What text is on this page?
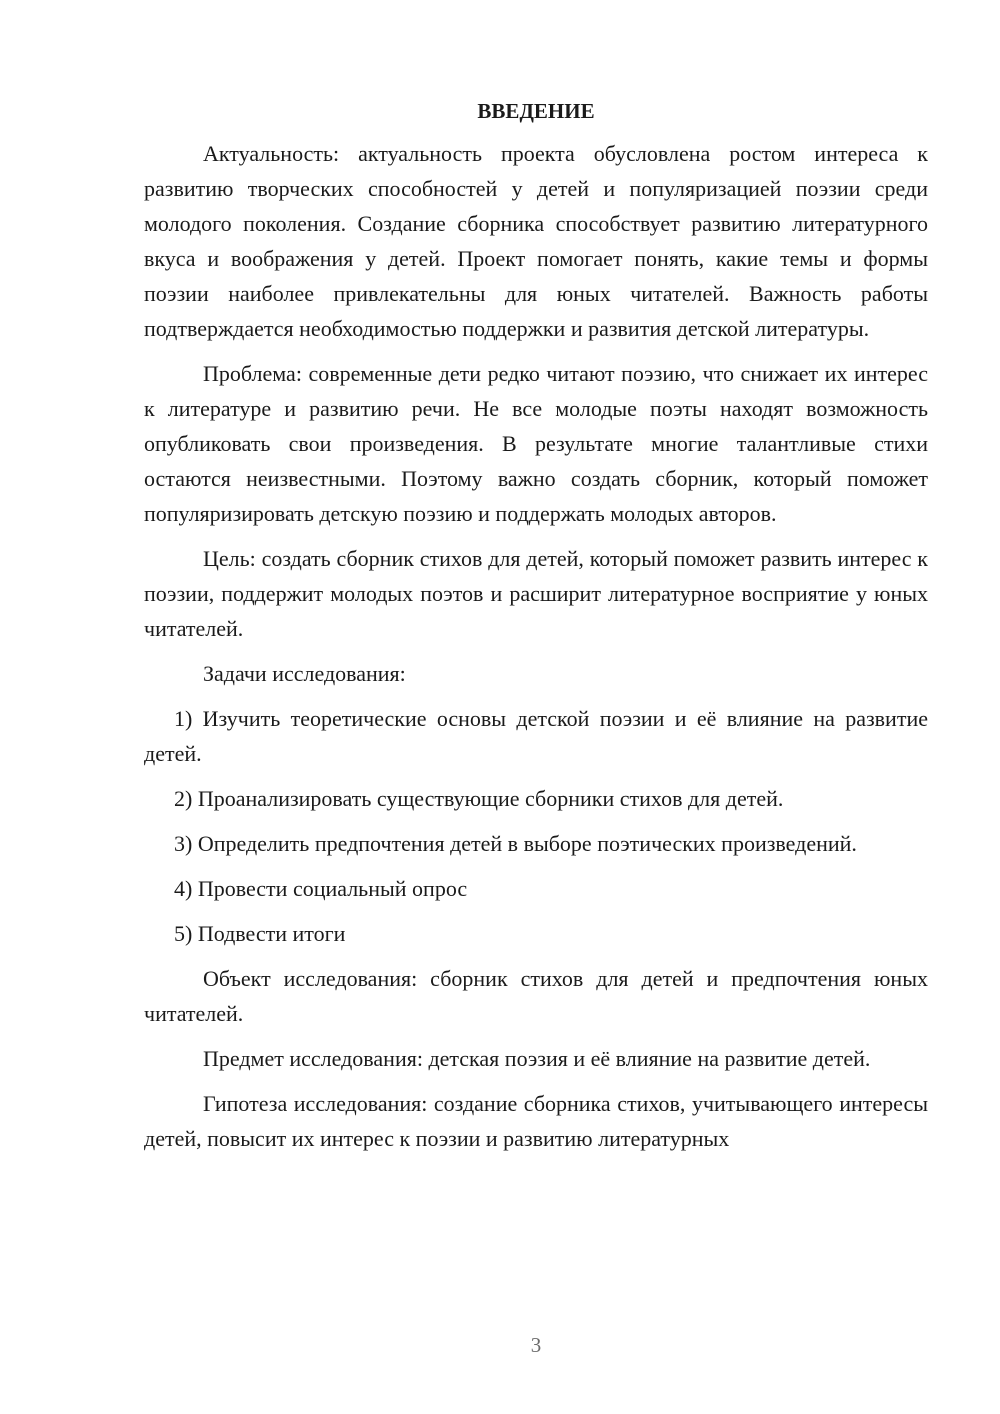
ВВЕДЕНИЕ

Актуальность: актуальность проекта обусловлена ростом интереса к развитию творческих способностей у детей и популяризацией поэзии среди молодого поколения. Создание сборника способствует развитию литературного вкуса и воображения у детей. Проект помогает понять, какие темы и формы поэзии наиболее привлекательны для юных читателей. Важность работы подтверждается необходимостью поддержки и развития детской литературы.

Проблема: современные дети редко читают поэзию, что снижает их интерес к литературе и развитию речи. Не все молодые поэты находят возможность опубликовать свои произведения. В результате многие талантливые стихи остаются неизвестными. Поэтому важно создать сборник, который поможет популяризировать детскую поэзию и поддержать молодых авторов.

Цель: создать сборник стихов для детей, который поможет развить интерес к поэзии, поддержит молодых поэтов и расширит литературное восприятие у юных читателей.

Задачи исследования:

1) Изучить теоретические основы детской поэзии и её влияние на развитие детей.

2) Проанализировать существующие сборники стихов для детей.

3) Определить предпочтения детей в выборе поэтических произведений.

4) Провести социальный опрос

5) Подвести итоги

Объект исследования: сборник стихов для детей и предпочтения юных читателей.

Предмет исследования: детская поэзия и её влияние на развитие детей.

Гипотеза исследования: создание сборника стихов, учитывающего интересы детей, повысит их интерес к поэзии и развитию литературных

3
